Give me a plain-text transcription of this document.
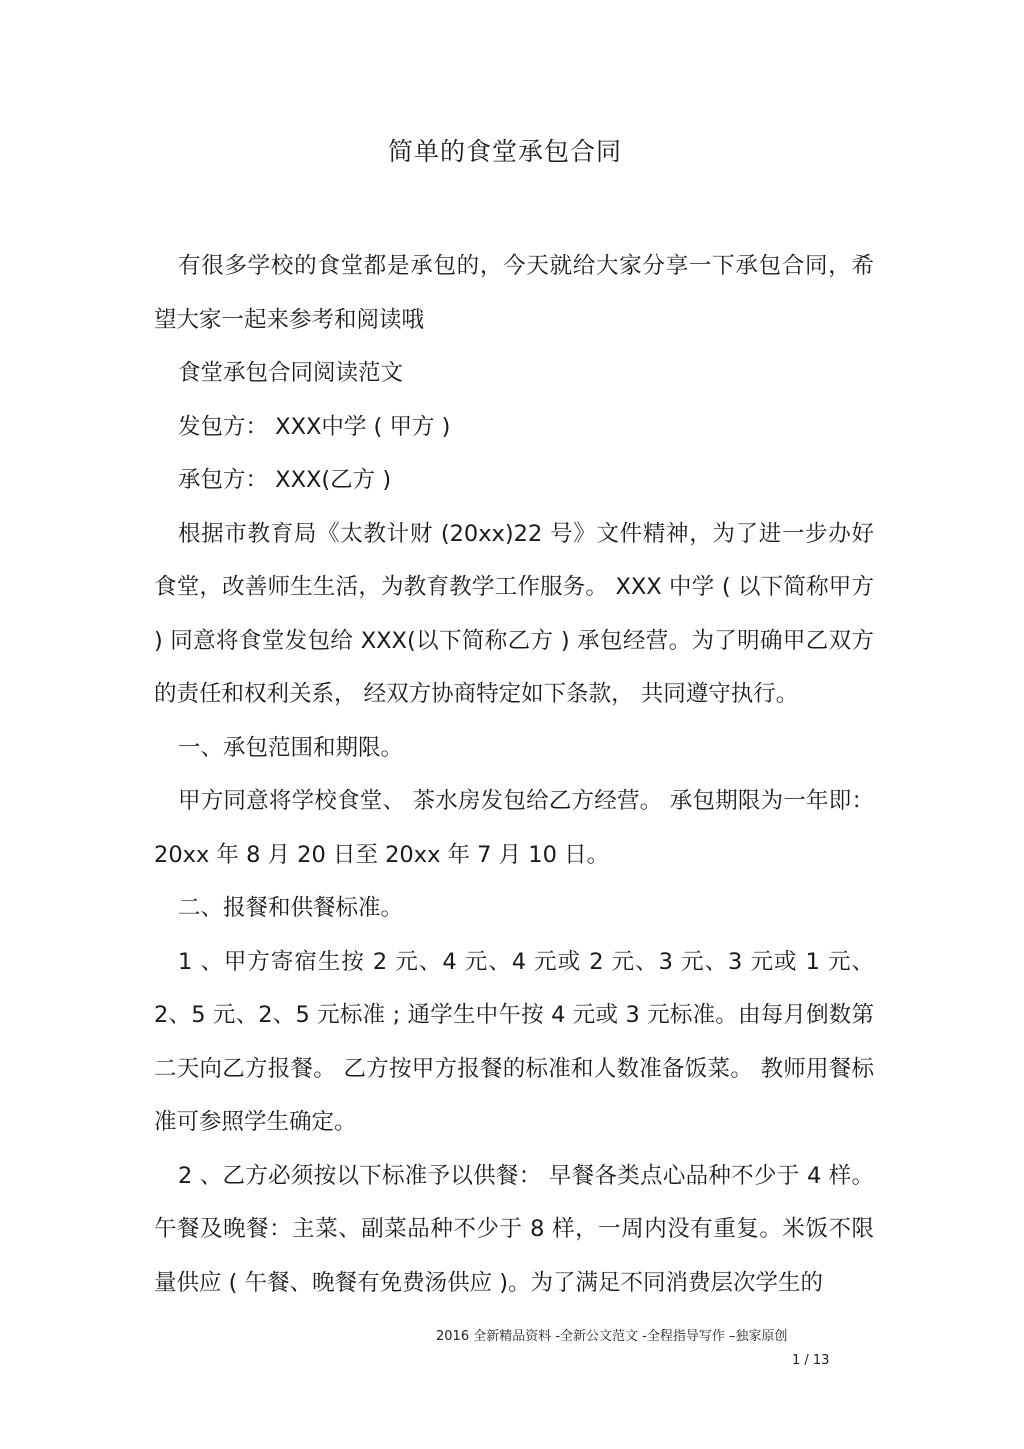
简单的食堂承包合同

有很多学校的食堂都是承包的，今天就给大家分享一下承包合同，希望大家一起来参考和阅读哦

食堂承包合同阅读范文

发包方： XXX中学 ( 甲方 )

承包方： XXX(乙方 )

根据市教育局《太教计财 (20xx)22 号》文件精神，为了进一步办好食堂，改善师生生活，为教育教学工作服务。 XXX 中学 ( 以下简称甲方 ) 同意将食堂发包给 XXX(以下简称乙方 ) 承包经营。为了明确甲乙双方的责任和权利关系， 经双方协商特定如下条款， 共同遵守执行。

一、承包范围和期限。

甲方同意将学校食堂、 茶水房发包给乙方经营。 承包期限为一年即：20xx 年 8 月 20 日至 20xx 年 7 月 10 日。

二、报餐和供餐标准。

1 、甲方寄宿生按 2 元、4 元、4 元或 2 元、3 元、3 元或 1 元、2、5 元、2、5 元标准 ; 通学生中午按 4 元或 3 元标准。由每月倒数第二天向乙方报餐。 乙方按甲方报餐的标准和人数准备饭菜。 教师用餐标准可参照学生确定。

2 、乙方必须按以下标准予以供餐： 早餐各类点心品种不少于 4 样。午餐及晚餐：主菜、副菜品种不少于 8 样，一周内没有重复。米饭不限量供应 ( 午餐、晚餐有免费汤供应 )。为了满足不同消费层次学生的

2016 全新精品资料 -全新公文范文 -全程指导写作 –独家原创
1 / 13
